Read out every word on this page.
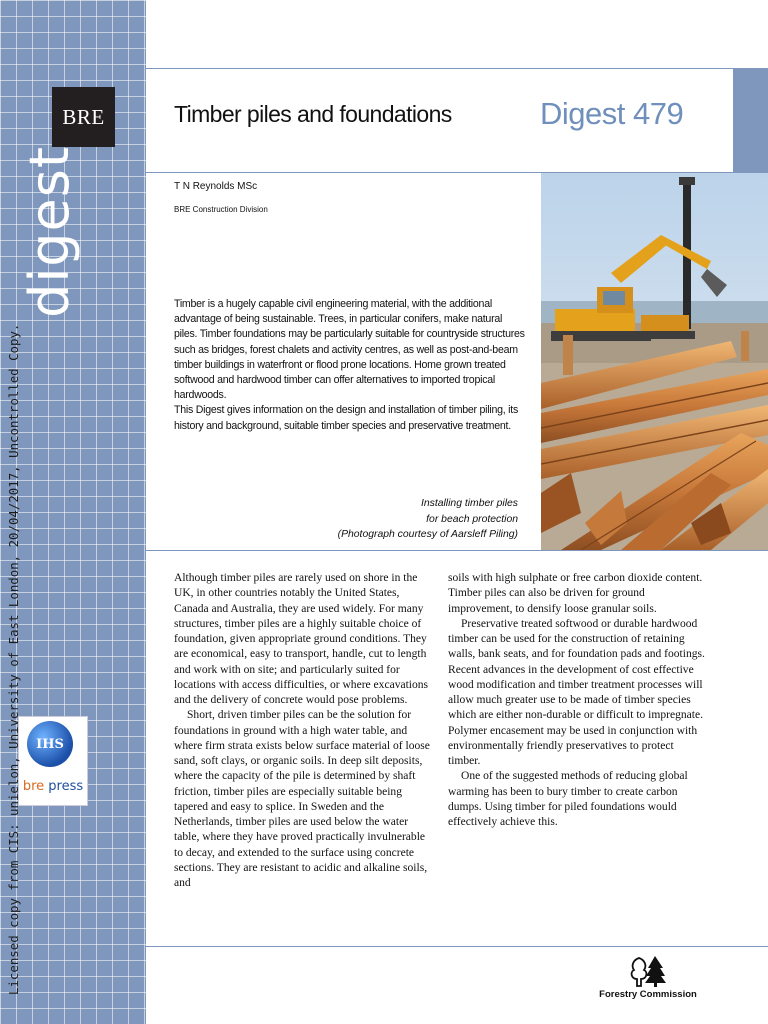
BRE
digest
IHS
bre press
Licensed copy from CIS: unielon, University of East London, 20/04/2017, Uncontrolled Copy.
Timber piles and foundations	Digest 479
T N Reynolds MSc
BRE Construction Division

Timber is a hugely capable civil engineering material, with the additional advantage of being sustainable. Trees, in particular conifers, make natural piles. Timber foundations may be particularly suitable for countryside structures such as bridges, forest chalets and activity centres, as well as post-and-beam timber buildings in waterfront or flood prone locations. Home grown treated softwood and hardwood timber can offer alternatives to imported tropical hardwoods.

This Digest gives information on the design and installation of timber piling, its history and background, suitable timber species and preservative treatment.

Installing timber piles
for beach protection
(Photograph courtesy of Aarsleff Piling)

Although timber piles are rarely used on shore in the UK, in other countries notably the United States, Canada and Australia, they are used widely. For many structures, timber piles are a highly suitable choice of foundation, given appropriate ground conditions. They are economical, easy to transport, handle, cut to length and work with on site; and particularly suited for locations with access difficulties, or where excavations and the delivery of concrete would pose problems.

Short, driven timber piles can be the solution for foundations in ground with a high water table, and where firm strata exists below surface material of loose sand, soft clays, or organic soils. In deep silt deposits, where the capacity of the pile is determined by shaft friction, timber piles are especially suitable being tapered and easy to splice. In Sweden and the Netherlands, timber piles are used below the water table, where they have proved practically invulnerable to decay, and extended to the surface using concrete sections. They are resistant to acidic and alkaline soils, and

soils with high sulphate or free carbon dioxide content. Timber piles can also be driven for ground improvement, to densify loose granular soils.

Preservative treated softwood or durable hardwood timber can be used for the construction of retaining walls, bank seats, and for foundation pads and footings. Recent advances in the development of cost effective wood modification and timber treatment processes will allow much greater use to be made of timber species which are either non-durable or difficult to impregnate. Polymer encasement may be used in conjunction with environmentally friendly preservatives to protect timber.

One of the suggested methods of reducing global warming has been to bury timber to create carbon dumps. Using timber for piled foundations would effectively achieve this.

Forestry Commission
